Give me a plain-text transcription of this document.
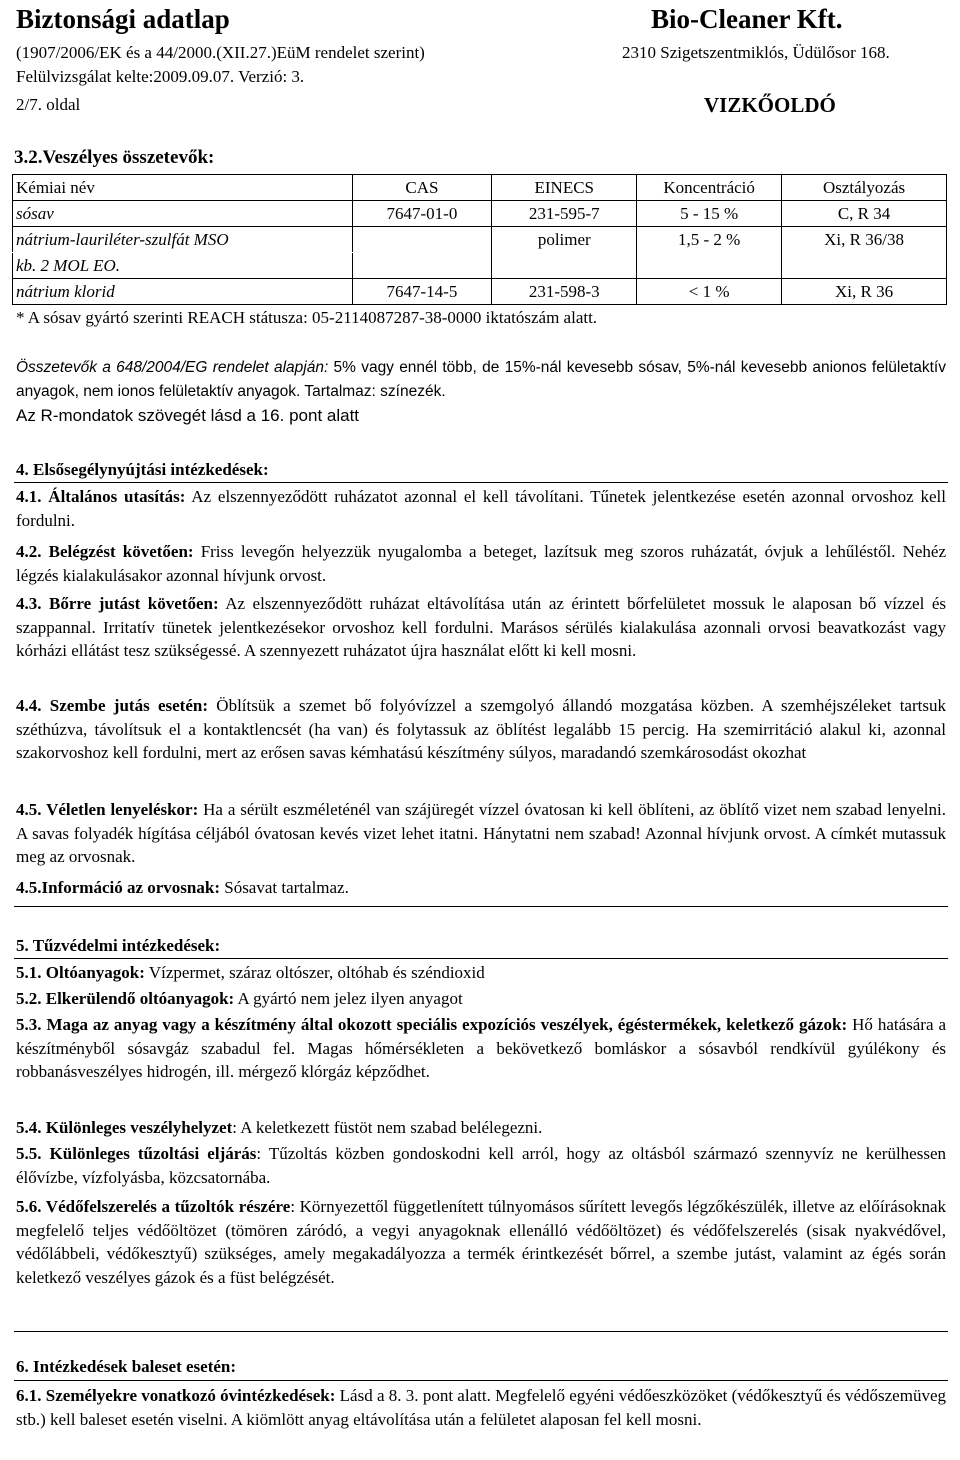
Biztonsági adatlap	Bio-Cleaner Kft.
(1907/2006/EK és a 44/2000.(XII.27.)EüM rendelet szerint)	2310 Szigetszentmiklós, Üdülősor 168.
Felülvizsgálat kelte:2009.09.07. Verzió: 3.
2/7. oldal	VIZKŐOLDÓ
3.2.Veszélyes összetevők:
Kémiai név	CAS	EINECS	Koncentráció	Osztályozás
sósav	7647-01-0	231-595-7	5 - 15 %	C, R 34
nátrium-lauriléter-szulfát MSO		polimer	1,5 - 2 %	Xi, R 36/38
kb. 2 MOL EO.				
nátrium klorid	7647-14-5	231-598-3	< 1 %	Xi, R 36
* A sósav gyártó szerinti REACH státusza: 05-2114087287-38-0000 iktatószám alatt.				
Összetevők a 648/2004/EG rendelet alapján: 5% vagy ennél több, de 15%-nál kevesebb sósav, 5%-nál kevesebb anionos felületaktív anyagok, nem ionos felületaktív anyagok. Tartalmaz: színezék.
Az R-mondatok szövegét lásd a 16. pont alatt
4. Elsősegélynyújtási intézkedések:
4.1. Általános utasítás: Az elszennyeződött ruházatot azonnal el kell távolítani. Tűnetek jelentkezése esetén azonnal orvoshoz kell fordulni.
4.2. Belégzést követően: Friss levegőn helyezzük nyugalomba a beteget, lazítsuk meg szoros ruházatát, óvjuk a lehűléstől. Nehéz légzés kialakulásakor azonnal hívjunk orvost.
4.3. Bőrre jutást követően: Az elszennyeződött ruházat eltávolítása után az érintett bőrfelületet mossuk le alaposan bő vízzel és szappannal. Irritatív tünetek jelentkezésekor orvoshoz kell fordulni. Marásos sérülés kialakulása azonnali orvosi beavatkozást vagy kórházi ellátást tesz szükségessé. A szennyezett ruházatot újra használat előtt ki kell mosni.
4.4. Szembe jutás esetén: Öblítsük a szemet bő folyóvízzel a szemgolyó állandó mozgatása közben. A szemhéjszéleket tartsuk széthúzva, távolítsuk el a kontaktlencsét (ha van) és folytassuk az öblítést legalább 15 percig. Ha szemirritáció alakul ki, azonnal szakorvoshoz kell fordulni, mert az erősen savas kémhatású készítmény súlyos, maradandó szemkárosodást okozhat
4.5. Véletlen lenyeléskor: Ha a sérült eszméleténél van szájüregét vízzel óvatosan ki kell öblíteni, az öblítő vizet nem szabad lenyelni. A savas folyadék hígítása céljából óvatosan kevés vizet lehet itatni. Hánytatni nem szabad! Azonnal hívjunk orvost. A címkét mutassuk meg az orvosnak.
4.5.Információ az orvosnak: Sósavat tartalmaz.
5. Tűzvédelmi intézkedések:
5.1. Oltóanyagok: Vízpermet, száraz oltószer, oltóhab és széndioxid
5.2. Elkerülendő oltóanyagok: A gyártó nem jelez ilyen anyagot
5.3. Maga az anyag vagy a készítmény által okozott speciális expozíciós veszélyek, égéstermékek, keletkező gázok: Hő hatására a készítményből sósavgáz szabadul fel. Magas hőmérsékleten a bekövetkező bomláskor a sósavból rendkívül gyúlékony és robbanásveszélyes hidrogén, ill. mérgező klórgáz képződhet.
5.4. Különleges veszélyhelyzet: A keletkezett füstöt nem szabad belélegezni.
5.5. Különleges tűzoltási eljárás: Tűzoltás közben gondoskodni kell arról, hogy az oltásból származó szennyvíz ne kerülhessen élővízbe, vízfolyásba, közcsatornába.
5.6. Védőfelszerelés a tűzoltók részére: Környezettől függetlenített túlnyomásos sűrített levegős légzőkészülék, illetve az előírásoknak megfelelő teljes védőöltözet (tömören záródó, a vegyi anyagoknak ellenálló védőöltözet) és védőfelszerelés (sisak nyakvédővel, védőlábbeli, védőkesztyű) szükséges, amely megakadályozza a termék érintkezését bőrrel, a szembe jutást, valamint az égés során keletkező veszélyes gázok és a füst belégzését.
6. Intézkedések baleset esetén:
6.1. Személyekre vonatkozó óvintézkedések: Lásd a 8. 3. pont alatt. Megfelelő egyéni védőeszközöket (védőkesztyű és védőszemüveg stb.) kell baleset esetén viselni. A kiömlött anyag eltávolítása után a felületet alaposan fel kell mosni.
